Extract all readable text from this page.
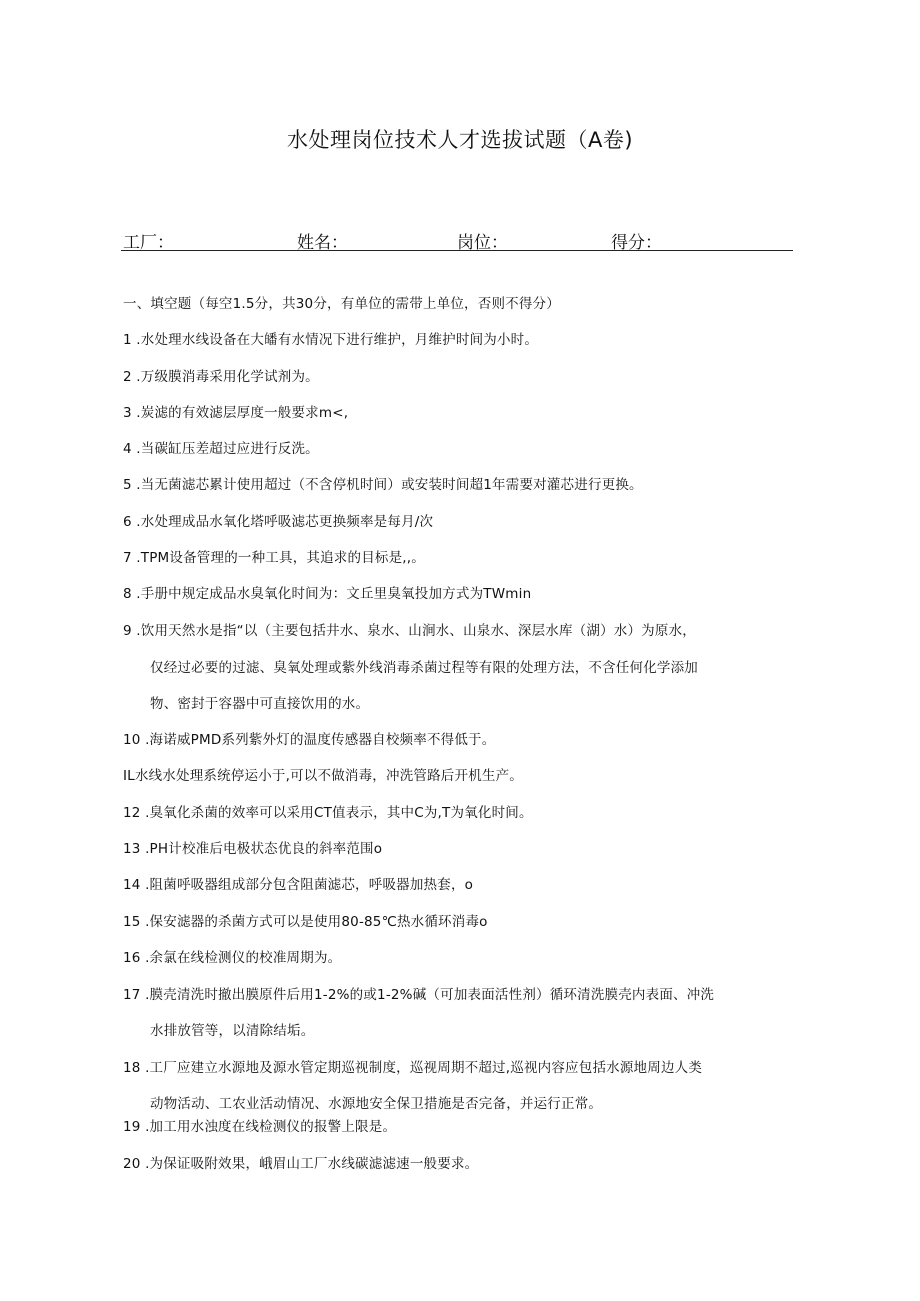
水处理岗位技术人才选拔试题（A卷)
工厂：	姓名：	岗位：	得分：
一、填空题（每空1.5分，共30分，有单位的需带上单位，否则不得分）
1 .水处理水线设备在大皤有水情况下进行维护，月维护时间为小时。
2 .万级膜消毒采用化学试剂为。
3 .炭滤的有效滤层厚度一般要求m<,
4 .当碳缸压差超过应进行反洗。
5 .当无菌滤芯累计使用超过（不含停机时间）或安装时间超1年需要对灌芯进行更换。
6 .水处理成品水氧化塔呼吸滤芯更换频率是每月/次
7 .TPM设备管理的一种工具，其追求的目标是,,。
8 .手册中规定成品水臭氧化时间为：文丘里臭氧投加方式为TWmin
9 .饮用天然水是指“以（主要包括井水、泉水、山涧水、山泉水、深层水库（湖）水）为原水，
仅经过必要的过滤、臭氧处理或紫外线消毒杀菌过程等有限的处理方法，不含任何化学添加
物、密封于容器中可直接饮用的水。
10 .海诺威PMD系列紫外灯的温度传感器自校频率不得低于。
IL水线水处理系统停运小于,可以不做消毒，冲洗管路后开机生产。
12 .臭氧化杀菌的效率可以采用CT值表示，其中C为,T为氧化时间。
13 .PH计校准后电极状态优良的斜率范围o
14 .阻菌呼吸器组成部分包含阻菌滤芯，呼吸器加热套，o
15 .保安滤器的杀菌方式可以是使用80-85℃热水循环消毒o
16 .余氯在线检测仪的校准周期为。
17 .膜壳清洗时撤出膜原件后用1-2%的或1-2%碱（可加表面活性剂）循环清洗膜壳内表面、冲洗
水排放管等，以清除结垢。
18 .工厂应建立水源地及源水管定期巡视制度，巡视周期不超过,巡视内容应包括水源地周边人类
动物活动、工农业活动情况、水源地安全保卫措施是否完备，并运行正常。
19 .加工用水浊度在线检测仪的报警上限是。
20 .为保证吸附效果，峨眉山工厂水线碳滤滤速一般要求。
